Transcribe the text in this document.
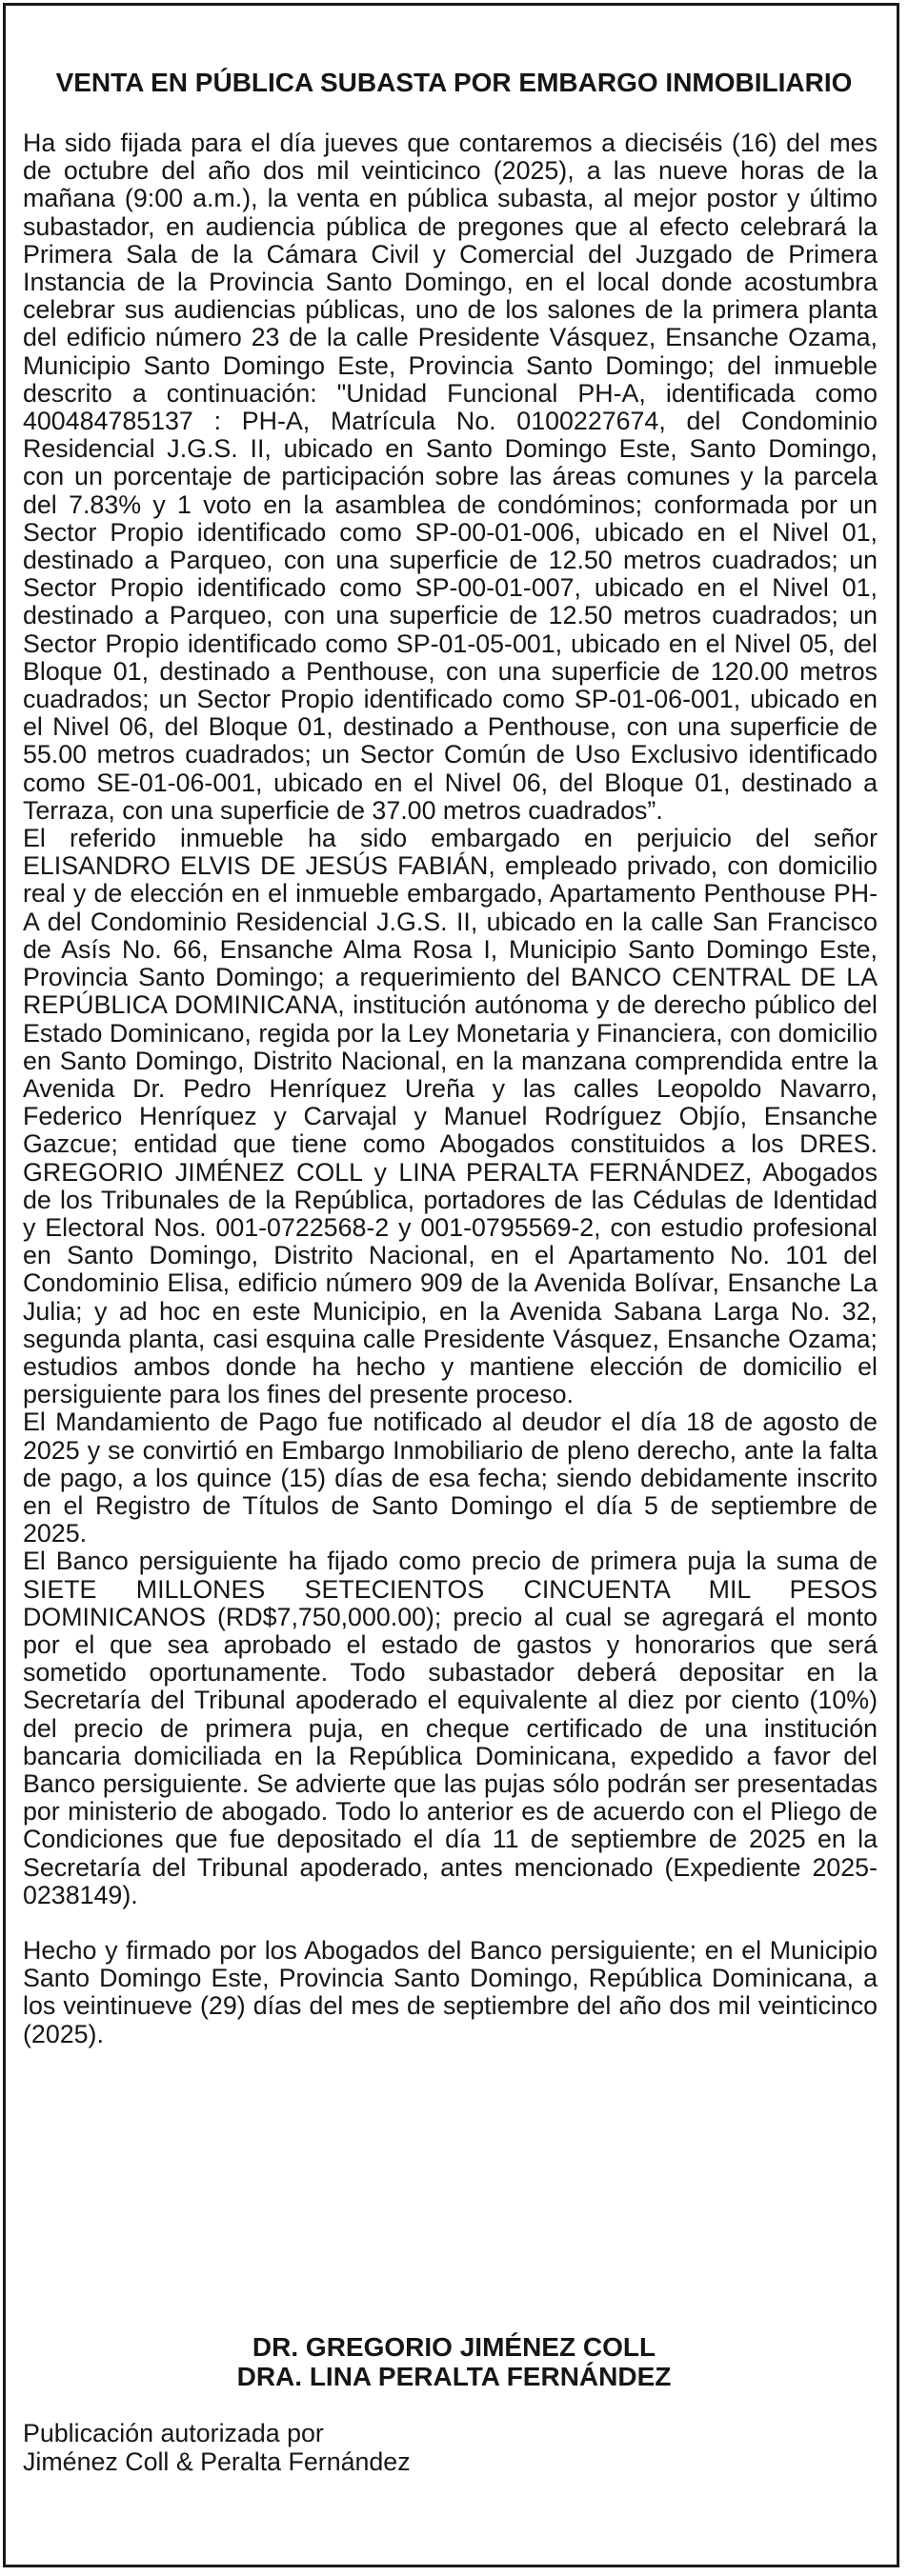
VENTA EN PÚBLICA SUBASTA POR EMBARGO INMOBILIARIO

Ha sido fijada para el día jueves que contaremos a dieciséis (16) del mes de octubre del año dos mil veinticinco (2025), a las nueve horas de la mañana (9:00 a.m.), la venta en pública subasta, al mejor postor y último subastador, en audiencia pública de pregones que al efecto celebrará la Primera Sala de la Cámara Civil y Comercial del Juzgado de Primera Instancia de la Provincia Santo Domingo, en el local donde acostumbra celebrar sus audiencias públicas, uno de los salones de la primera planta del edificio número 23 de la calle Presidente Vásquez, Ensanche Ozama, Municipio Santo Domingo Este, Provincia Santo Domingo; del inmueble descrito a continuación: "Unidad Funcional PH-A, identificada como 400484785137 : PH-A, Matrícula No. 0100227674, del Condominio Residencial J.G.S. II, ubicado en Santo Domingo Este, Santo Domingo, con un porcentaje de participación sobre las áreas comunes y la parcela del 7.83% y 1 voto en la asamblea de condóminos; conformada por un Sector Propio identificado como SP-00-01-006, ubicado en el Nivel 01, destinado a Parqueo, con una superficie de 12.50 metros cuadrados; un Sector Propio identificado como SP-00-01-007, ubicado en el Nivel 01, destinado a Parqueo, con una superficie de 12.50 metros cuadrados; un Sector Propio identificado como SP-01-05-001, ubicado en el Nivel 05, del Bloque 01, destinado a Penthouse, con una superficie de 120.00 metros cuadrados; un Sector Propio identificado como SP-01-06-001, ubicado en el Nivel 06, del Bloque 01, destinado a Penthouse, con una superficie de 55.00 metros cuadrados; un Sector Común de Uso Exclusivo identificado como SE-01-06-001, ubicado en el Nivel 06, del Bloque 01, destinado a Terraza, con una superficie de 37.00 metros cuadrados”.

El referido inmueble ha sido embargado en perjuicio del señor ELISANDRO ELVIS DE JESÚS FABIÁN, empleado privado, con domicilio real y de elección en el inmueble embargado, Apartamento Penthouse PH-A del Condominio Residencial J.G.S. II, ubicado en la calle San Francisco de Asís No. 66, Ensanche Alma Rosa I, Municipio Santo Domingo Este, Provincia Santo Domingo; a requerimiento del BANCO CENTRAL DE LA REPÚBLICA DOMINICANA, institución autónoma y de derecho público del Estado Dominicano, regida por la Ley Monetaria y Financiera, con domicilio en Santo Domingo, Distrito Nacional, en la manzana comprendida entre la Avenida Dr. Pedro Henríquez Ureña y las calles Leopoldo Navarro, Federico Henríquez y Carvajal y Manuel Rodríguez Objío, Ensanche Gazcue; entidad que tiene como Abogados constituidos a los DRES. GREGORIO JIMÉNEZ COLL y LINA PERALTA FERNÁNDEZ, Abogados de los Tribunales de la República, portadores de las Cédulas de Identidad y Electoral Nos. 001-0722568-2 y 001-0795569-2, con estudio profesional en Santo Domingo, Distrito Nacional, en el Apartamento No. 101 del Condominio Elisa, edificio número 909 de la Avenida Bolívar, Ensanche La Julia; y ad hoc en este Municipio, en la Avenida Sabana Larga No. 32, segunda planta, casi esquina calle Presidente Vásquez, Ensanche Ozama; estudios ambos donde ha hecho y mantiene elección de domicilio el persiguiente para los fines del presente proceso.

El Mandamiento de Pago fue notificado al deudor el día 18 de agosto de 2025 y se convirtió en Embargo Inmobiliario de pleno derecho, ante la falta de pago, a los quince (15) días de esa fecha; siendo debidamente inscrito en el Registro de Títulos de Santo Domingo el día 5 de septiembre de 2025.

El Banco persiguiente ha fijado como precio de primera puja la suma de SIETE MILLONES SETECIENTOS CINCUENTA MIL PESOS DOMINICANOS (RD$7,750,000.00); precio al cual se agregará el monto por el que sea aprobado el estado de gastos y honorarios que será sometido oportunamente. Todo subastador deberá depositar en la Secretaría del Tribunal apoderado el equivalente al diez por ciento (10%) del precio de primera puja, en cheque certificado de una institución bancaria domiciliada en la República Dominicana, expedido a favor del Banco persiguiente. Se advierte que las pujas sólo podrán ser presentadas por ministerio de abogado. Todo lo anterior es de acuerdo con el Pliego de Condiciones que fue depositado el día 11 de septiembre de 2025 en la Secretaría del Tribunal apoderado, antes mencionado (Expediente 2025-0238149).

Hecho y firmado por los Abogados del Banco persiguiente; en el Municipio Santo Domingo Este, Provincia Santo Domingo, República Dominicana, a los veintinueve (29) días del mes de septiembre del año dos mil veinticinco (2025).

DR. GREGORIO JIMÉNEZ COLL
DRA. LINA PERALTA FERNÁNDEZ
Publicación autorizada por
Jiménez Coll & Peralta Fernández
